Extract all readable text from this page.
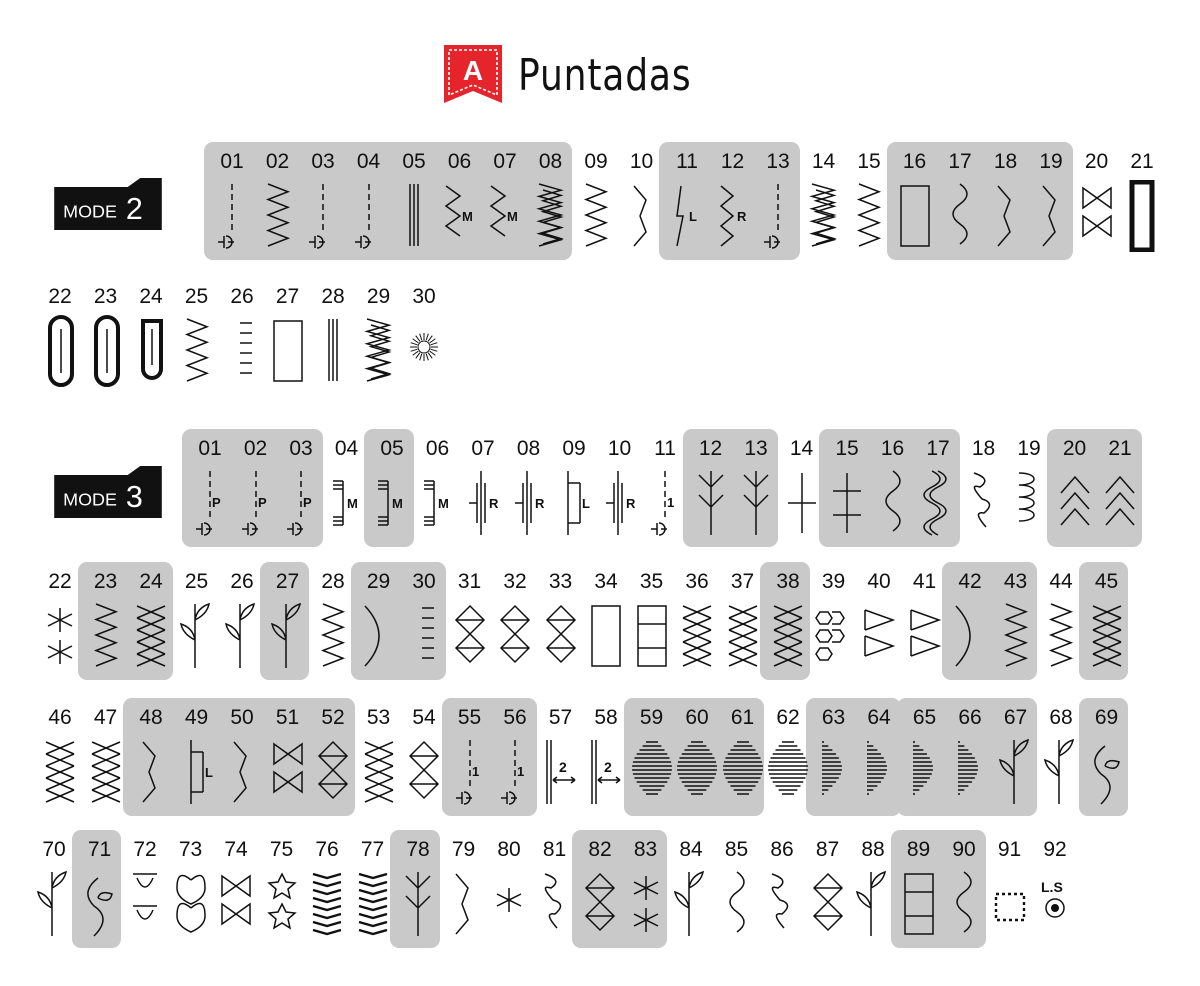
A Puntadas
MODE 2
MODE 3
01	02	03	04	05	06
M
07
M
08	09	10	11
L
12
R
13	14	15	16	17	18	19	20	21
22	23	24	25	26	27	28	29	30
01
P
02
P
03
P
04
M
05
M
06
M
07
R
08
R
09
L
10
R
11
1
12	13	14	15	16	17	18	19	20	21
22	23	24	25	26	27	28	29	30	31	32	33	34	35	36	37	38	39	40	41	42	43	44	45
46	47	48	49
L
50	51	52	53	54	55
1
56
1
57
2
58
2
59	60	61	62	63	64	65	66	67	68	69
70	71	72	73	74	75	76	77	78	79	80	81	82	83	84	85	86	87	88	89	90	91	92
L.S
